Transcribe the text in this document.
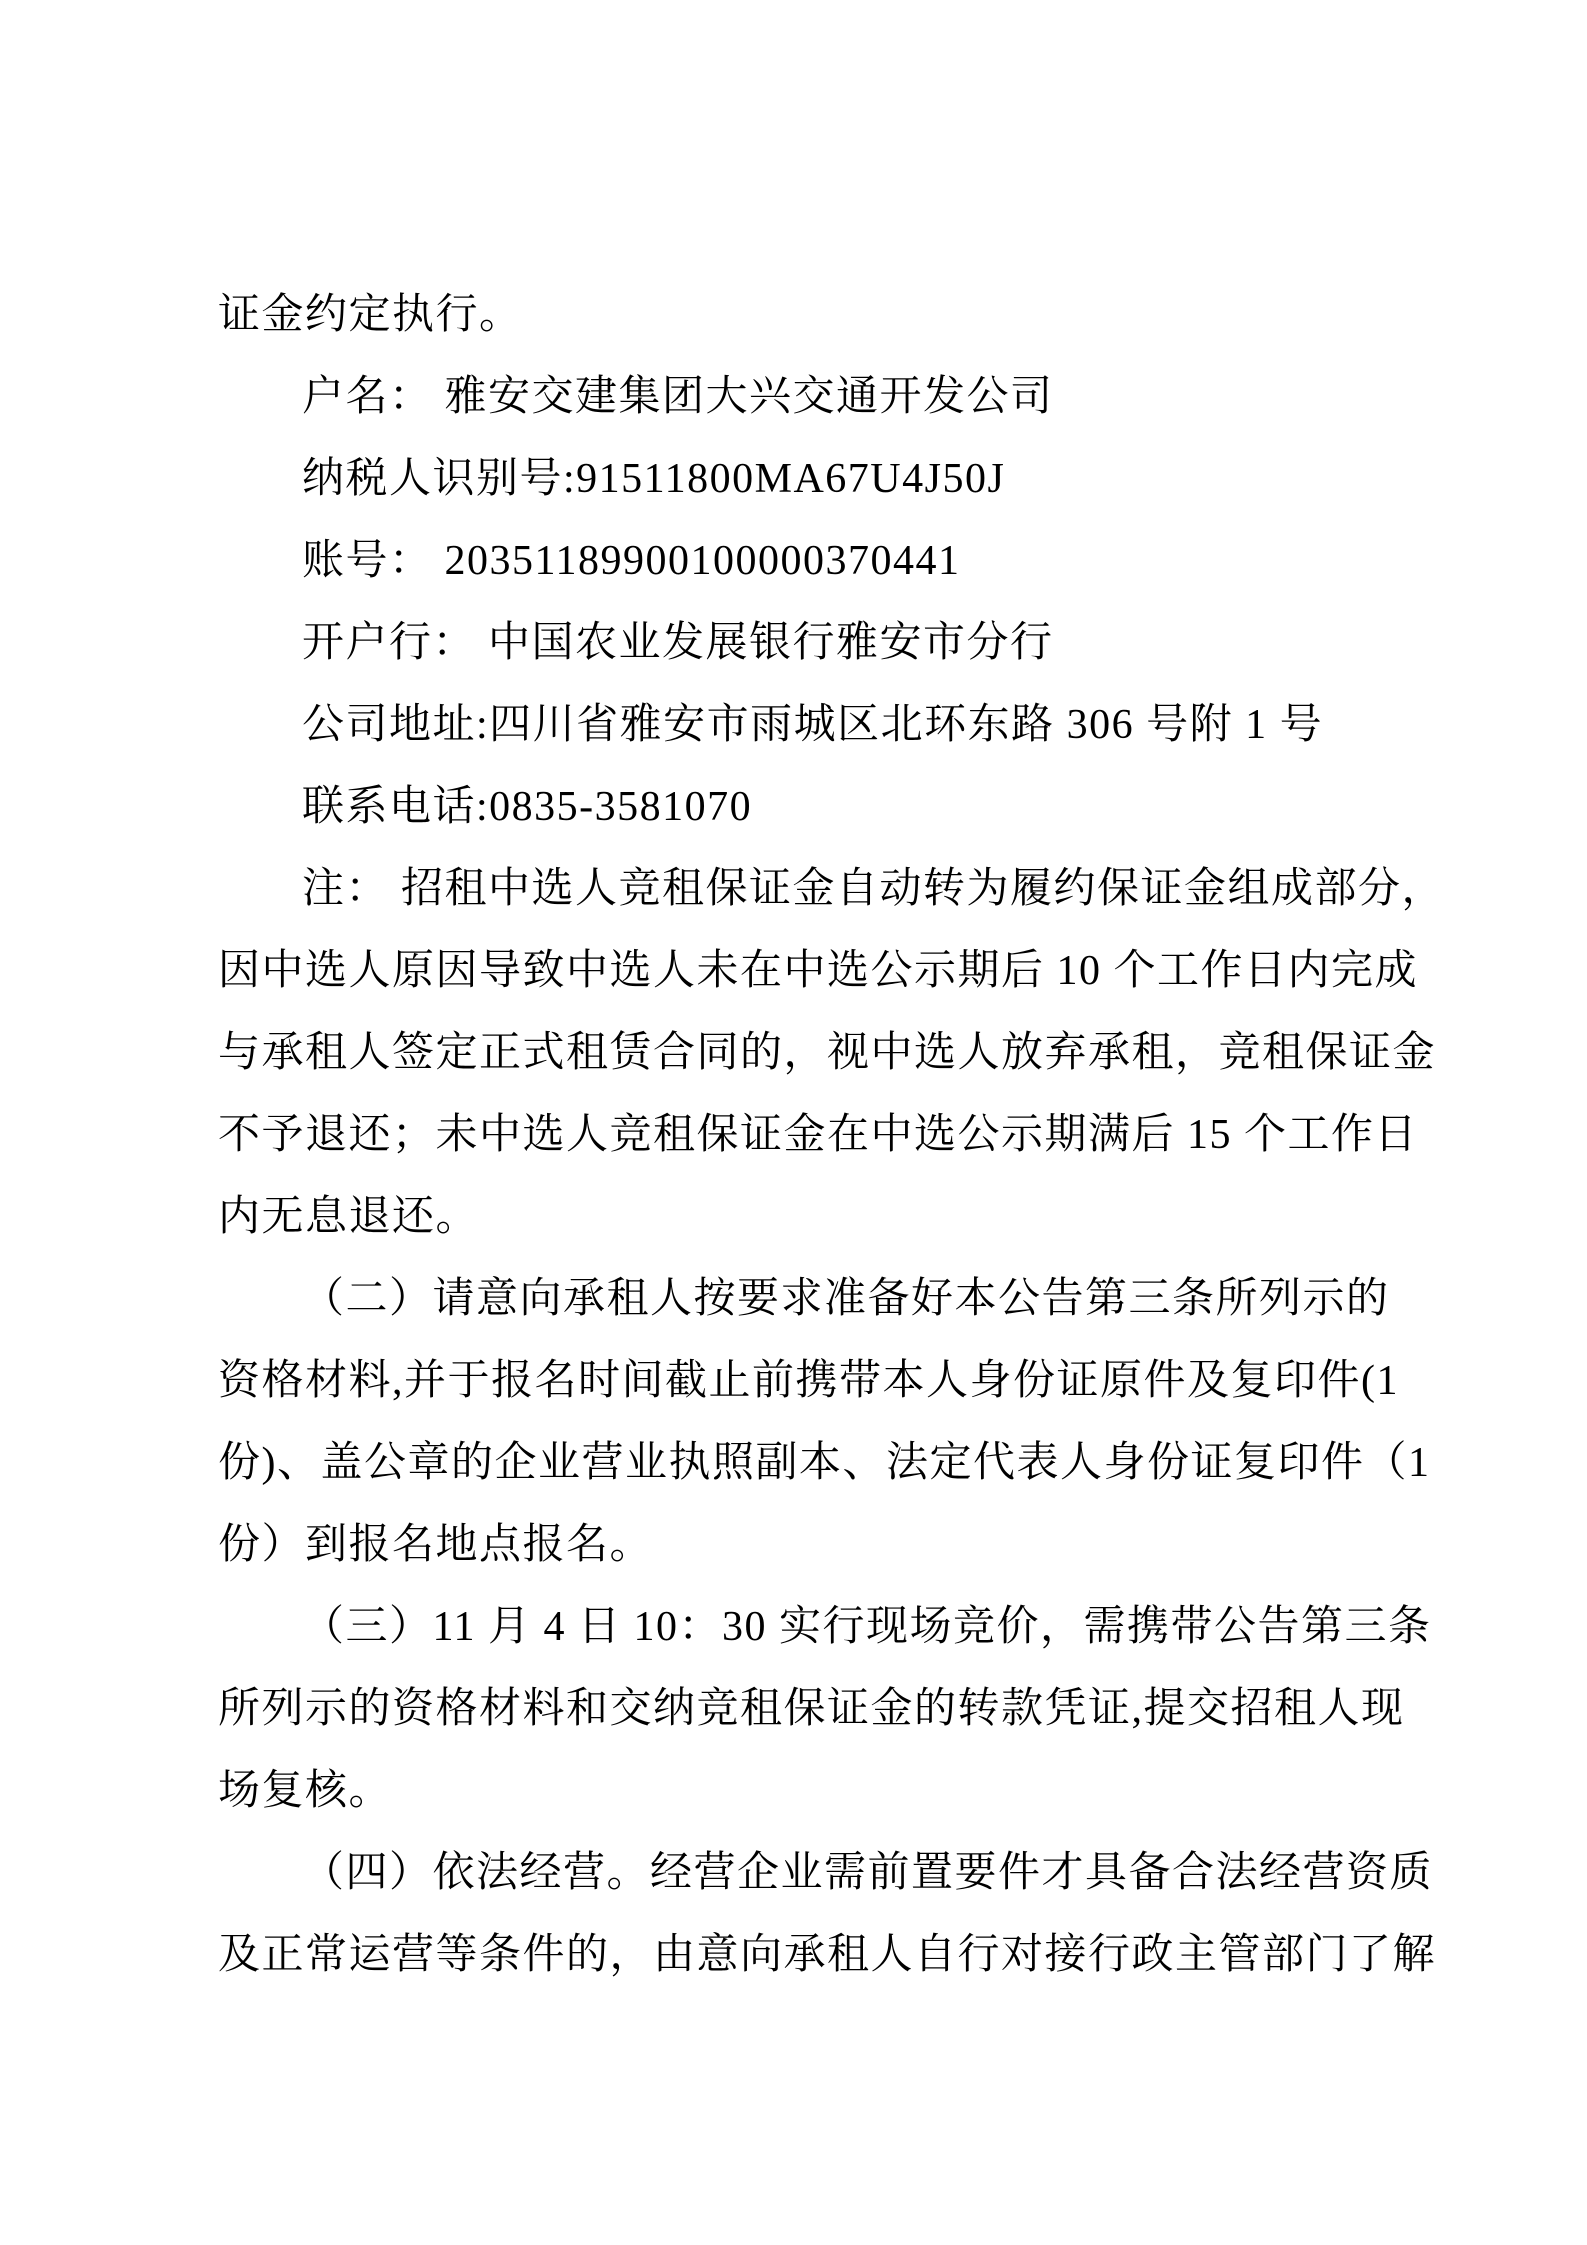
证金约定执行。
户名： 雅安交建集团大兴交通开发公司
纳税人识别号:91511800MA67U4J50J
账号： 20351189900100000370441
开户行： 中国农业发展银行雅安市分行
公司地址:四川省雅安市雨城区北环东路 306 号附 1 号
联系电话:0835-3581070
注： 招租中选人竞租保证金自动转为履约保证金组成部分，
因中选人原因导致中选人未在中选公示期后 10 个工作日内完成
与承租人签定正式租赁合同的，视中选人放弃承租，竞租保证金
不予退还；未中选人竞租保证金在中选公示期满后 15 个工作日
内无息退还。
（二）请意向承租人按要求准备好本公告第三条所列示的
资格材料,并于报名时间截止前携带本人身份证原件及复印件(1
份)、盖公章的企业营业执照副本、法定代表人身份证复印件（1
份）到报名地点报名。
（三）11 月 4 日 10：30 实行现场竞价，需携带公告第三条
所列示的资格材料和交纳竞租保证金的转款凭证,提交招租人现
场复核。
（四）依法经营。经营企业需前置要件才具备合法经营资质
及正常运营等条件的，由意向承租人自行对接行政主管部门了解
